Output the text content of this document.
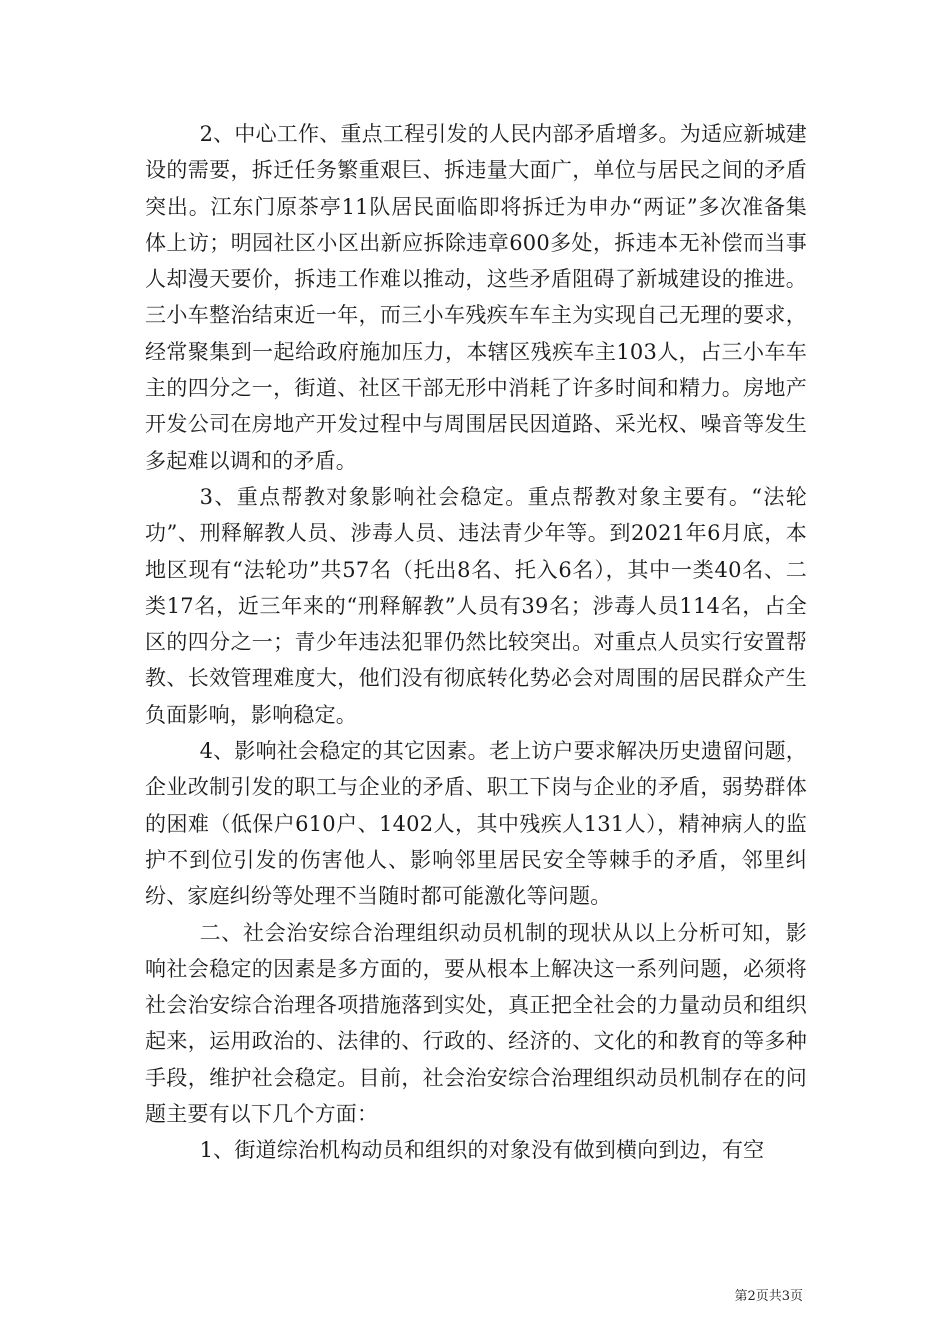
2、中心工作、重点工程引发的人民内部矛盾增多。为适应新城建设的需要，拆迁任务繁重艰巨、拆违量大面广，单位与居民之间的矛盾突出。江东门原茶亭11队居民面临即将拆迁为申办“两证”多次准备集体上访；明园社区小区出新应拆除违章600多处，拆违本无补偿而当事人却漫天要价，拆违工作难以推动，这些矛盾阻碍了新城建设的推进。三小车整治结束近一年，而三小车残疾车车主为实现自己无理的要求，经常聚集到一起给政府施加压力，本辖区残疾车主103人，占三小车车主的四分之一，街道、社区干部无形中消耗了许多时间和精力。房地产开发公司在房地产开发过程中与周围居民因道路、采光权、噪音等发生多起难以调和的矛盾。

3、重点帮教对象影响社会稳定。重点帮教对象主要有。“法轮功”、刑释解教人员、涉毒人员、违法青少年等。到2021年6月底，本地区现有“法轮功”共57名（托出8名、托入6名），其中一类40名、二类17名，近三年来的“刑释解教”人员有39名；涉毒人员114名，占全区的四分之一；青少年违法犯罪仍然比较突出。对重点人员实行安置帮教、长效管理难度大，他们没有彻底转化势必会对周围的居民群众产生负面影响，影响稳定。

4、影响社会稳定的其它因素。老上访户要求解决历史遗留问题，企业改制引发的职工与企业的矛盾、职工下岗与企业的矛盾，弱势群体的困难（低保户610户、1402人，其中残疾人131人），精神病人的监护不到位引发的伤害他人、影响邻里居民安全等棘手的矛盾，邻里纠纷、家庭纠纷等处理不当随时都可能激化等问题。

二、社会治安综合治理组织动员机制的现状从以上分析可知，影响社会稳定的因素是多方面的，要从根本上解决这一系列问题，必须将社会治安综合治理各项措施落到实处，真正把全社会的力量动员和组织起来，运用政治的、法律的、行政的、经济的、文化的和教育的等多种手段，维护社会稳定。目前，社会治安综合治理组织动员机制存在的问题主要有以下几个方面：

1、街道综治机构动员和组织的对象没有做到横向到边，有空

第2页共3页
